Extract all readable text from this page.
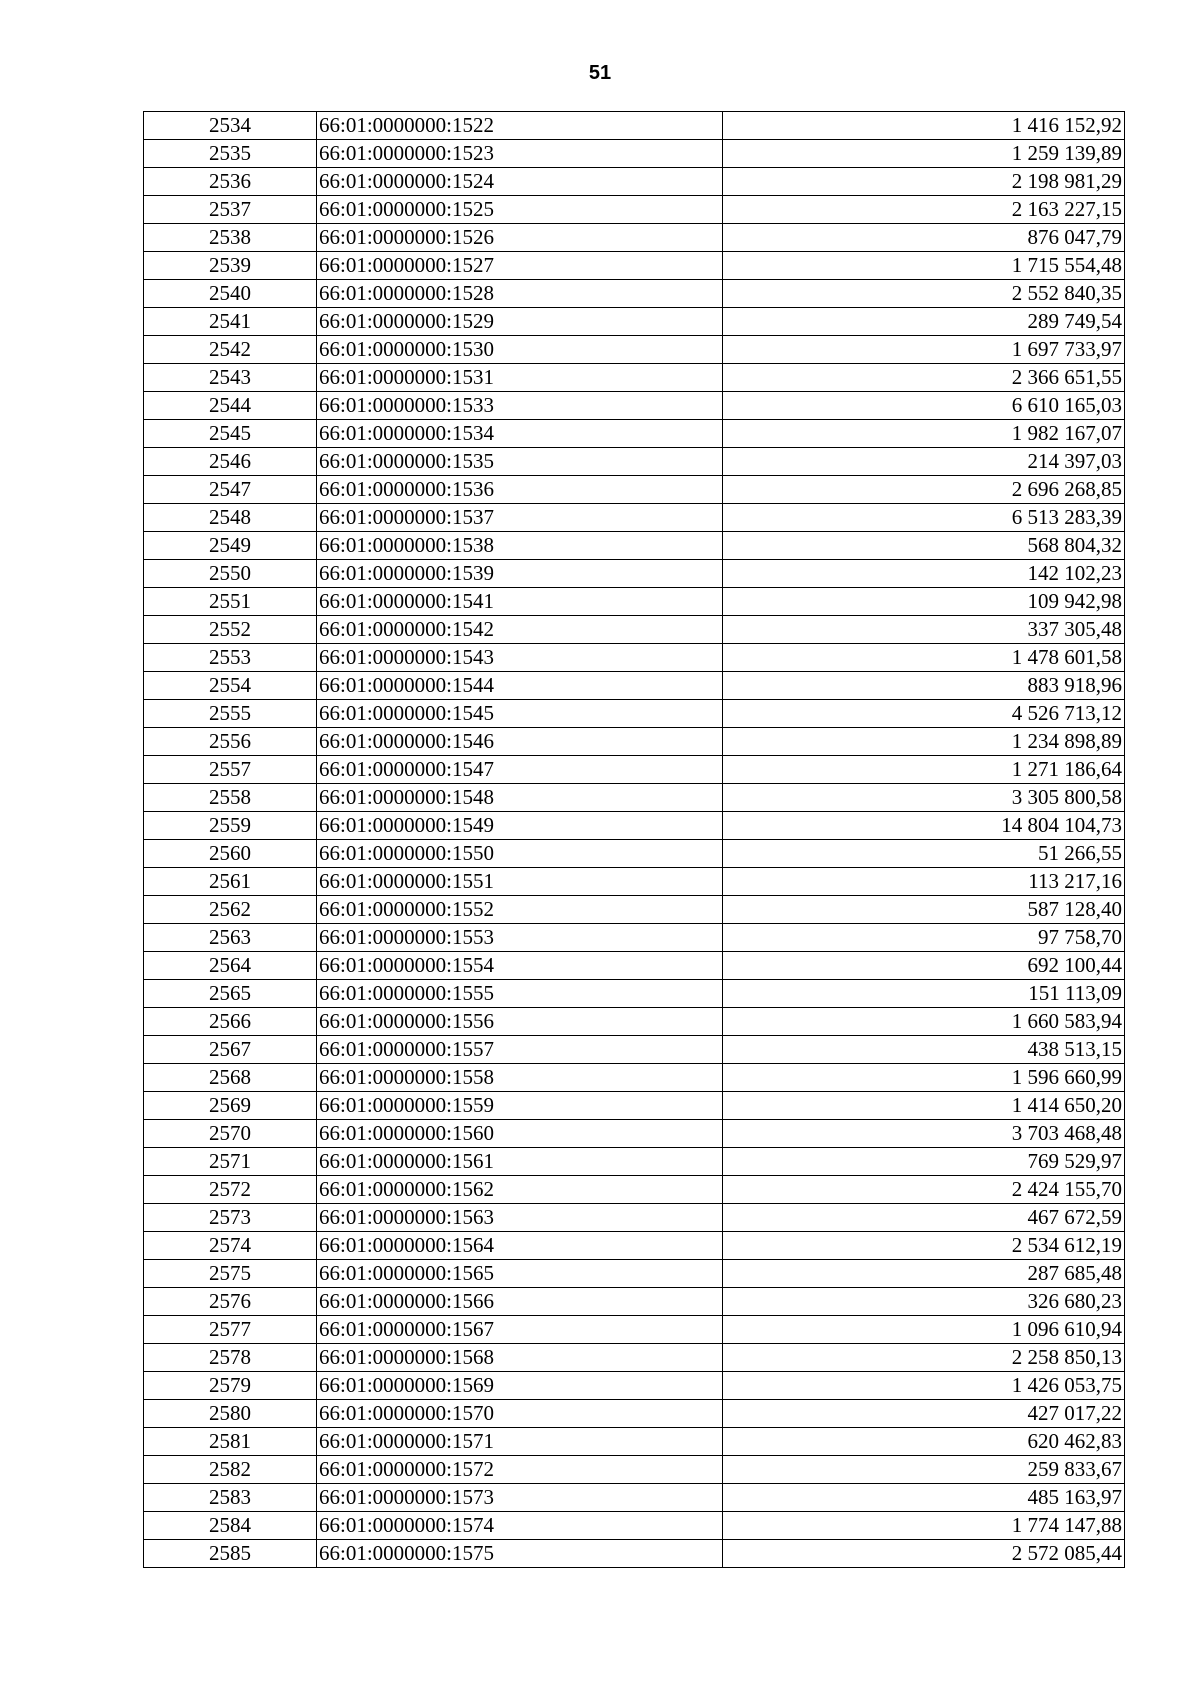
51
2534	66:01:0000000:1522	1 416 152,92
2535	66:01:0000000:1523	1 259 139,89
2536	66:01:0000000:1524	2 198 981,29
2537	66:01:0000000:1525	2 163 227,15
2538	66:01:0000000:1526	876 047,79
2539	66:01:0000000:1527	1 715 554,48
2540	66:01:0000000:1528	2 552 840,35
2541	66:01:0000000:1529	289 749,54
2542	66:01:0000000:1530	1 697 733,97
2543	66:01:0000000:1531	2 366 651,55
2544	66:01:0000000:1533	6 610 165,03
2545	66:01:0000000:1534	1 982 167,07
2546	66:01:0000000:1535	214 397,03
2547	66:01:0000000:1536	2 696 268,85
2548	66:01:0000000:1537	6 513 283,39
2549	66:01:0000000:1538	568 804,32
2550	66:01:0000000:1539	142 102,23
2551	66:01:0000000:1541	109 942,98
2552	66:01:0000000:1542	337 305,48
2553	66:01:0000000:1543	1 478 601,58
2554	66:01:0000000:1544	883 918,96
2555	66:01:0000000:1545	4 526 713,12
2556	66:01:0000000:1546	1 234 898,89
2557	66:01:0000000:1547	1 271 186,64
2558	66:01:0000000:1548	3 305 800,58
2559	66:01:0000000:1549	14 804 104,73
2560	66:01:0000000:1550	51 266,55
2561	66:01:0000000:1551	113 217,16
2562	66:01:0000000:1552	587 128,40
2563	66:01:0000000:1553	97 758,70
2564	66:01:0000000:1554	692 100,44
2565	66:01:0000000:1555	151 113,09
2566	66:01:0000000:1556	1 660 583,94
2567	66:01:0000000:1557	438 513,15
2568	66:01:0000000:1558	1 596 660,99
2569	66:01:0000000:1559	1 414 650,20
2570	66:01:0000000:1560	3 703 468,48
2571	66:01:0000000:1561	769 529,97
2572	66:01:0000000:1562	2 424 155,70
2573	66:01:0000000:1563	467 672,59
2574	66:01:0000000:1564	2 534 612,19
2575	66:01:0000000:1565	287 685,48
2576	66:01:0000000:1566	326 680,23
2577	66:01:0000000:1567	1 096 610,94
2578	66:01:0000000:1568	2 258 850,13
2579	66:01:0000000:1569	1 426 053,75
2580	66:01:0000000:1570	427 017,22
2581	66:01:0000000:1571	620 462,83
2582	66:01:0000000:1572	259 833,67
2583	66:01:0000000:1573	485 163,97
2584	66:01:0000000:1574	1 774 147,88
2585	66:01:0000000:1575	2 572 085,44
